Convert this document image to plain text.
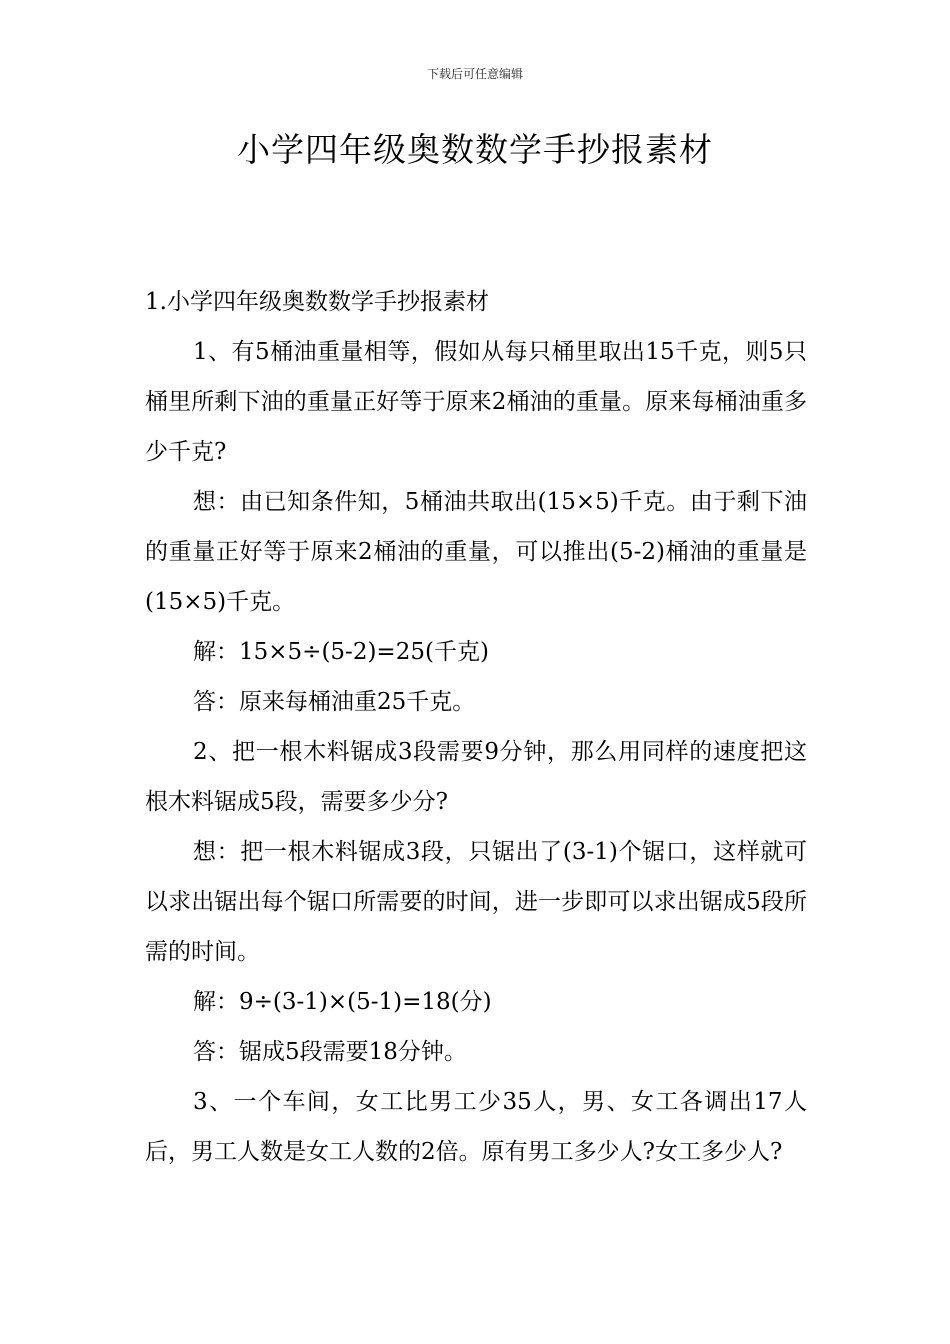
下载后可任意编辑
小学四年级奥数数学手抄报素材

1.小学四年级奥数数学手抄报素材

1、有5桶油重量相等，假如从每只桶里取出15千克，则5只桶里所剩下油的重量正好等于原来2桶油的重量。原来每桶油重多少千克?

想：由已知条件知，5桶油共取出(15×5)千克。由于剩下油的重量正好等于原来2桶油的重量，可以推出(5-2)桶油的重量是(15×5)千克。

解：15×5÷(5-2)=25(千克)

答：原来每桶油重25千克。

2、把一根木料锯成3段需要9分钟，那么用同样的速度把这根木料锯成5段，需要多少分?

想：把一根木料锯成3段，只锯出了(3-1)个锯口，这样就可以求出锯出每个锯口所需要的时间，进一步即可以求出锯成5段所需的时间。

解：9÷(3-1)×(5-1)=18(分)

答：锯成5段需要18分钟。

3、一个车间，女工比男工少35人，男、女工各调出17人后，男工人数是女工人数的2倍。原有男工多少人?女工多少人?
